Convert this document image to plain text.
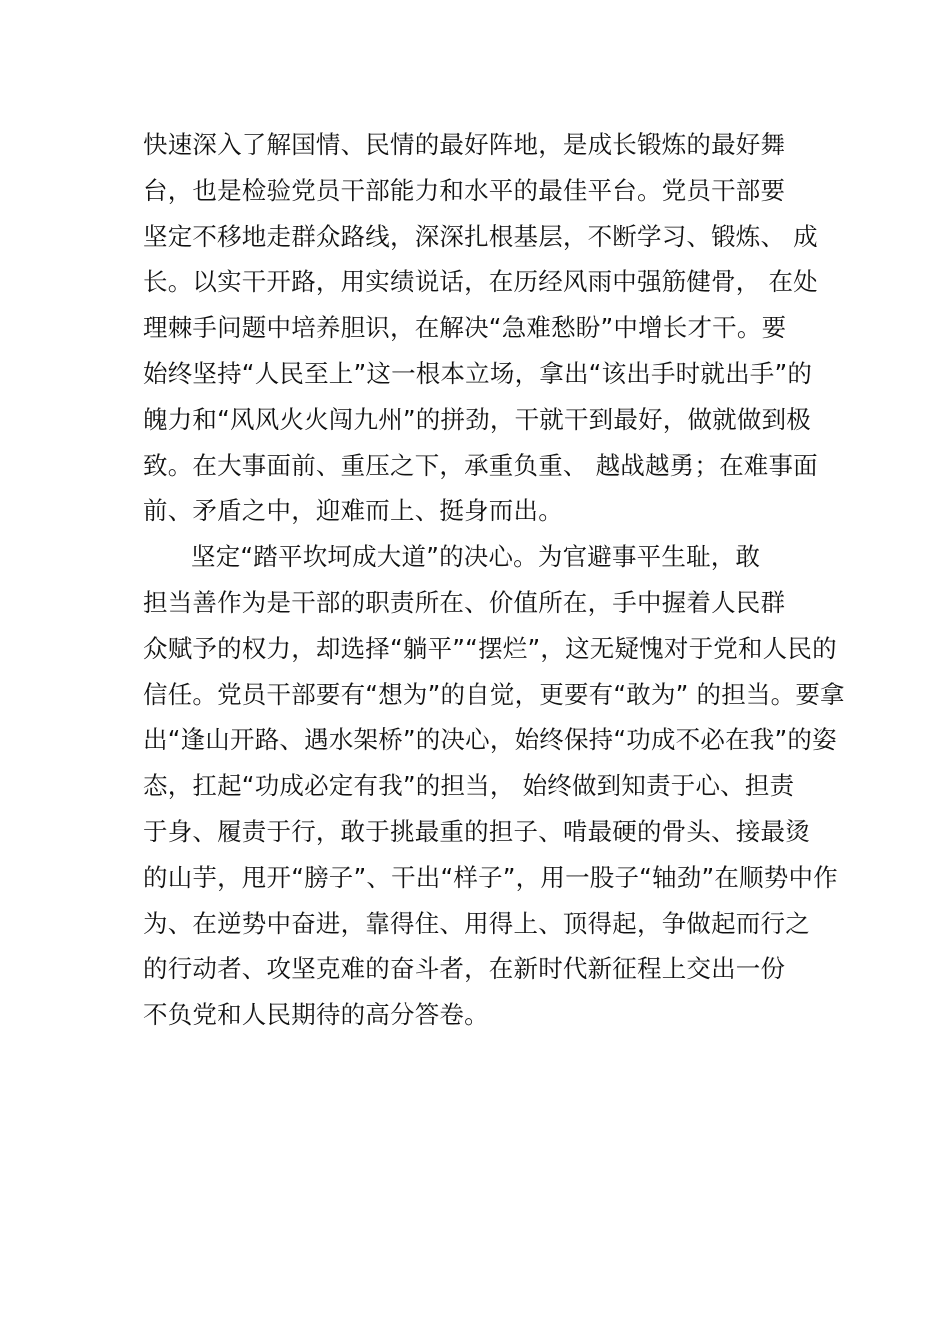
快速深入了解国情、民情的最好阵地，是成长锻炼的最好舞
台，也是检验党员干部能力和水平的最佳平台。党员干部要
坚定不移地走群众路线，深深扎根基层，不断学习、锻炼、 成
长。以实干开路，用实绩说话，在历经风雨中强筋健骨， 在处
理棘手问题中培养胆识，在解决“急难愁盼”中增长才干。要
始终坚持“人民至上”这一根本立场，拿出“该出手时就出手”的
魄力和“风风火火闯九州”的拼劲，干就干到最好，做就做到极
致。在大事面前、重压之下，承重负重、 越战越勇；在难事面
前、矛盾之中，迎难而上、挺身而出。
坚定“踏平坎坷成大道”的决心。为官避事平生耻，敢
担当善作为是干部的职责所在、价值所在，手中握着人民群
众赋予的权力，却选择“躺平”“摆烂”，这无疑愧对于党和人民的
信任。党员干部要有“想为”的自觉，更要有“敢为” 的担当。要拿
出“逢山开路、遇水架桥”的决心，始终保持“功成不必在我”的姿
态，扛起“功成必定有我”的担当， 始终做到知责于心、担责
于身、履责于行，敢于挑最重的担子、啃最硬的骨头、接最烫
的山芋，甩开“膀子”、干出“样子”，用一股子“轴劲”在顺势中作
为、在逆势中奋进，靠得住、用得上、顶得起，争做起而行之
的行动者、攻坚克难的奋斗者，在新时代新征程上交出一份
不负党和人民期待的高分答卷。
